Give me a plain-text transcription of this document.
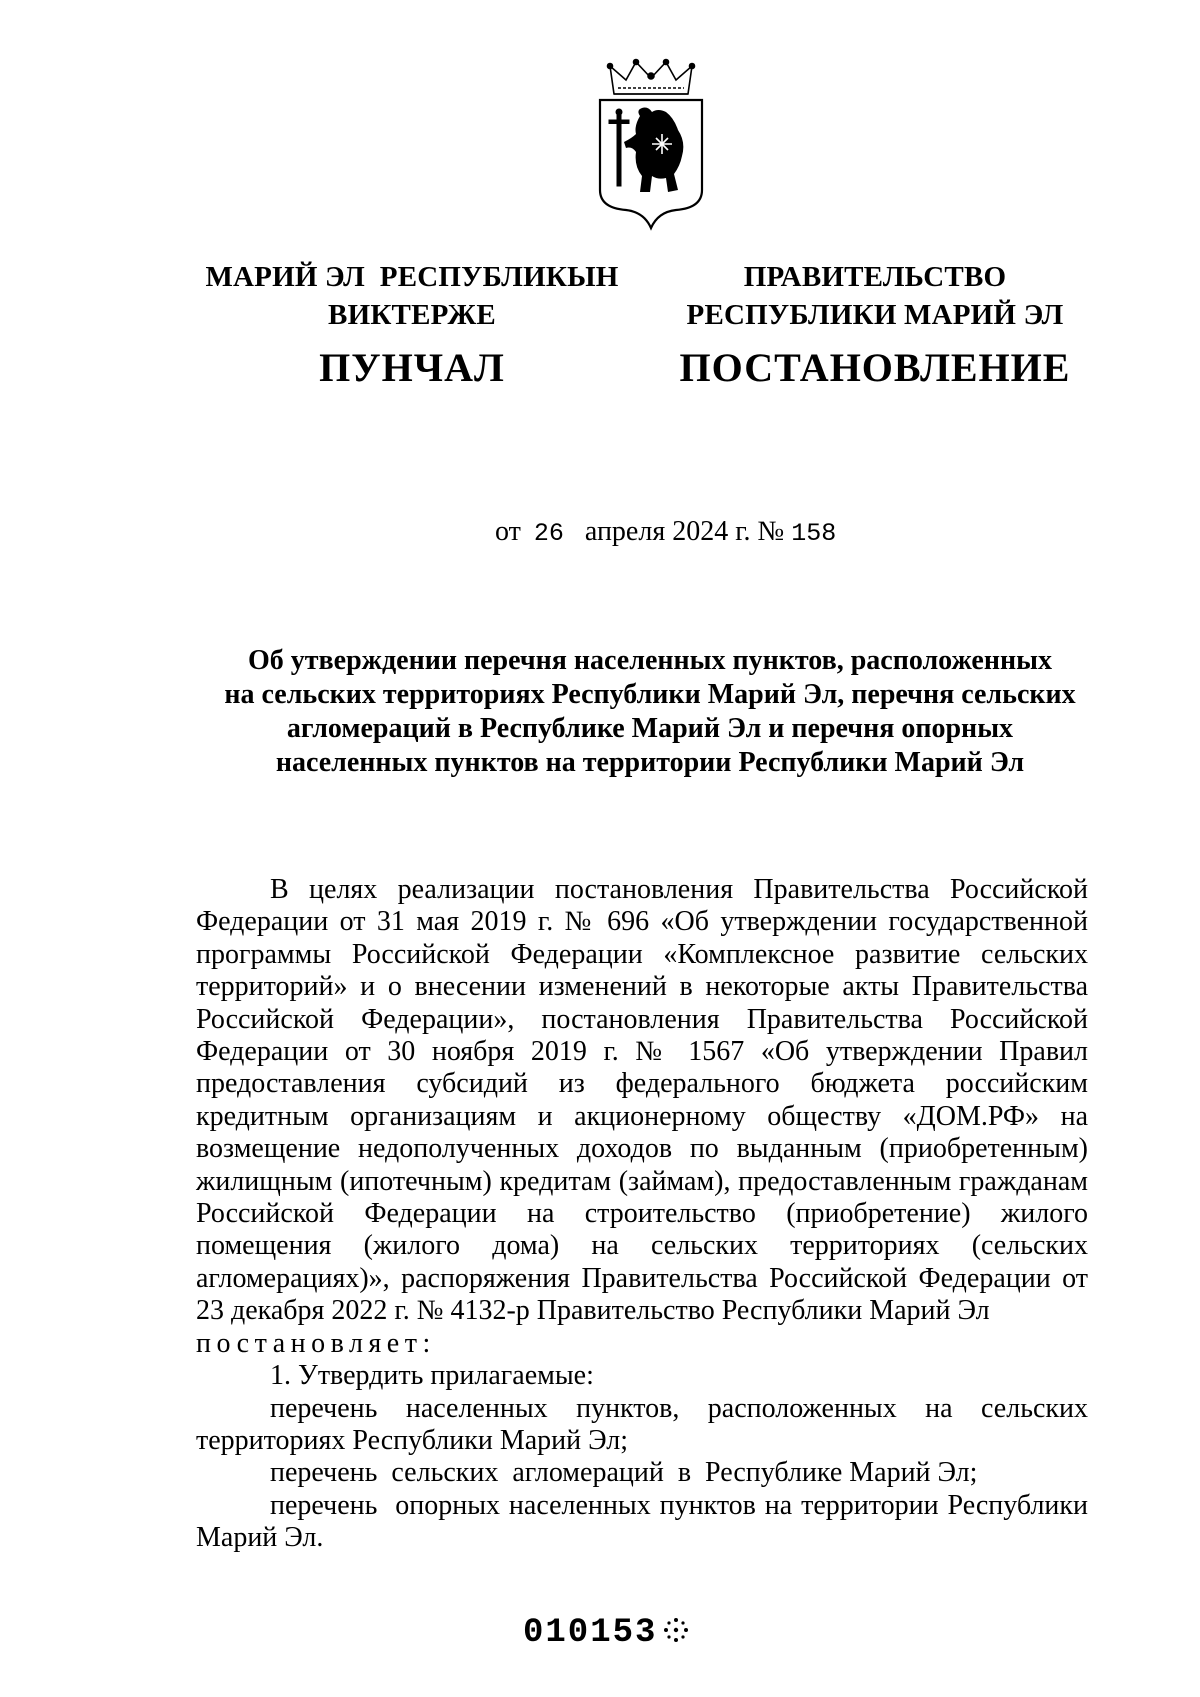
МАРИЙ ЭЛ  РЕСПУБЛИКЫН
ВИКТЕРЖЕ
ПУНЧАЛ
ПРАВИТЕЛЬСТВО
РЕСПУБЛИКИ МАРИЙ ЭЛ
ПОСТАНОВЛЕНИЕ
от 26 апреля 2024 г. № 158
Об утверждении перечня населенных пунктов, расположенных
на сельских территориях Республики Марий Эл, перечня сельских
агломераций в Республике Марий Эл и перечня опорных
населенных пунктов на территории Республики Марий Эл

В целях реализации постановления Правительства Российской Федерации от 31 мая 2019 г. № 696 «Об утверждении государственной программы Российской Федерации «Комплексное развитие сельских территорий» и о внесении изменений в некоторые акты Правительства Российской Федерации», постановления Правительства Российской Федерации от 30 ноября 2019 г. № 1567 «Об утверждении Правил предоставления субсидий из федерального бюджета российским кредитным организациям и акционерному обществу «ДОМ.РФ» на возмещение недополученных доходов по выданным (приобретенным) жилищным (ипотечным) кредитам (займам), предоставленным гражданам Российской Федерации на строительство (приобретение) жилого помещения (жилого дома) на сельских территориях (сельских агломерациях)», распоряжения Правительства Российской Федерации от 23 декабря 2022 г. № 4132-р Правительство Республики Марий Эл

постановляет:

1. Утвердить прилагаемые:

перечень населенных пунктов, расположенных на сельских территориях Республики Марий Эл;

перечень  сельских  агломераций  в  Республике Марий Эл;

перечень  опорных населенных пунктов на территории Республики Марий Эл.

010153
